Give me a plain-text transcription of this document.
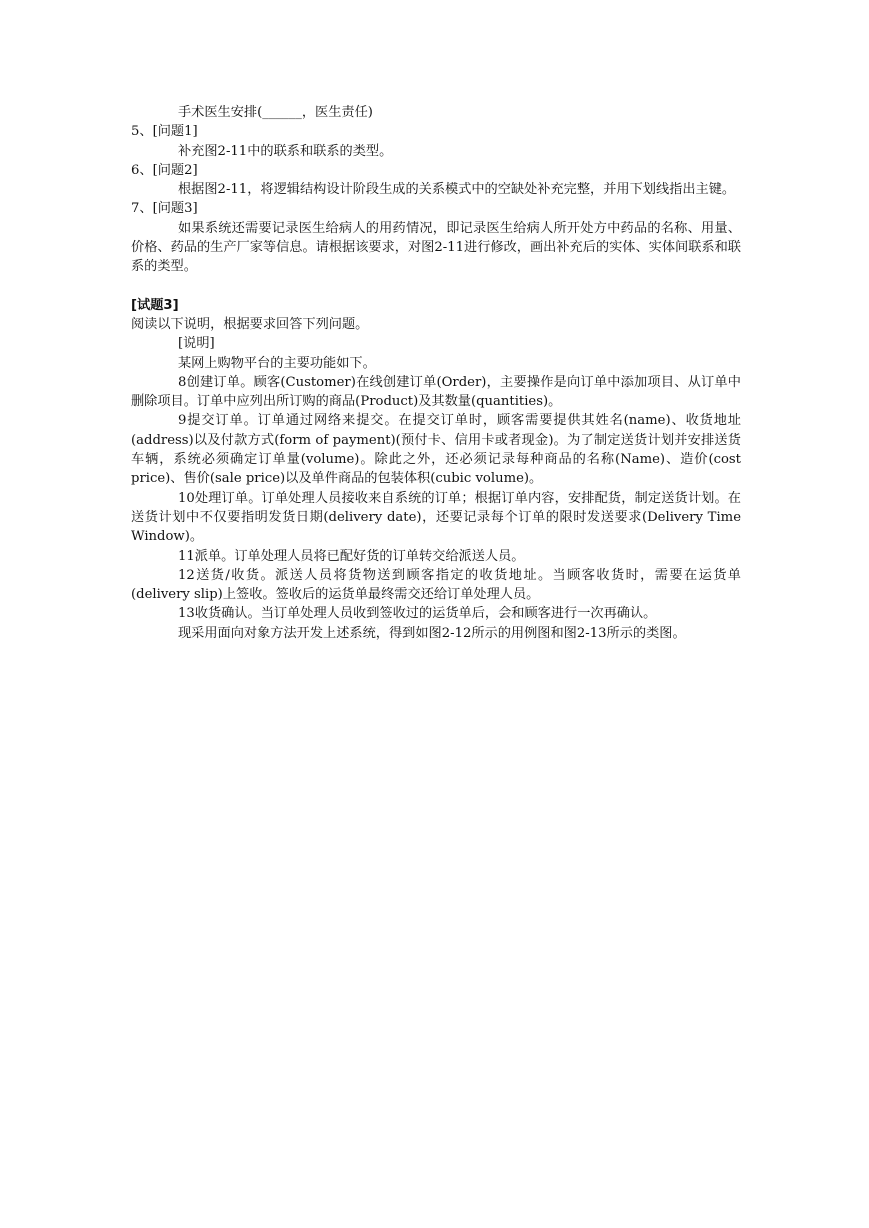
手术医生安排(______，医生责任)

5、[问题1]

补充图2-11中的联系和联系的类型。

6、[问题2]

根据图2-11，将逻辑结构设计阶段生成的关系模式中的空缺处补充完整，并用下划线指出主键。

7、[问题3]

如果系统还需要记录医生给病人的用药情况，即记录医生给病人所开处方中药品的名称、用量、价格、药品的生产厂家等信息。请根据该要求，对图2-11进行修改，画出补充后的实体、实体间联系和联系的类型。

[试题3]

阅读以下说明，根据要求回答下列问题。

[说明]

某网上购物平台的主要功能如下。

8创建订单。顾客(Customer)在线创建订单(Order)，主要操作是向订单中添加项目、从订单中删除项目。订单中应列出所订购的商品(Product)及其数量(quantities)。

9提交订单。订单通过网络来提交。在提交订单时，顾客需要提供其姓名(name)、收货地址(address)以及付款方式(form of payment)(预付卡、信用卡或者现金)。为了制定送货计划并安排送货车辆，系统必须确定订单量(volume)。除此之外，还必须记录每种商品的名称(Name)、造价(cost price)、售价(sale price)以及单件商品的包装体积(cubic volume)。

10处理订单。订单处理人员接收来自系统的订单；根据订单内容，安排配货，制定送货计划。在送货计划中不仅要指明发货日期(delivery date)，还要记录每个订单的限时发送要求(Delivery Time Window)。

11派单。订单处理人员将已配好货的订单转交给派送人员。

12送货/收货。派送人员将货物送到顾客指定的收货地址。当顾客收货时，需要在运货单(delivery slip)上签收。签收后的运货单最终需交还给订单处理人员。

13收货确认。当订单处理人员收到签收过的运货单后，会和顾客进行一次再确认。

现采用面向对象方法开发上述系统，得到如图2-12所示的用例图和图2-13所示的类图。
